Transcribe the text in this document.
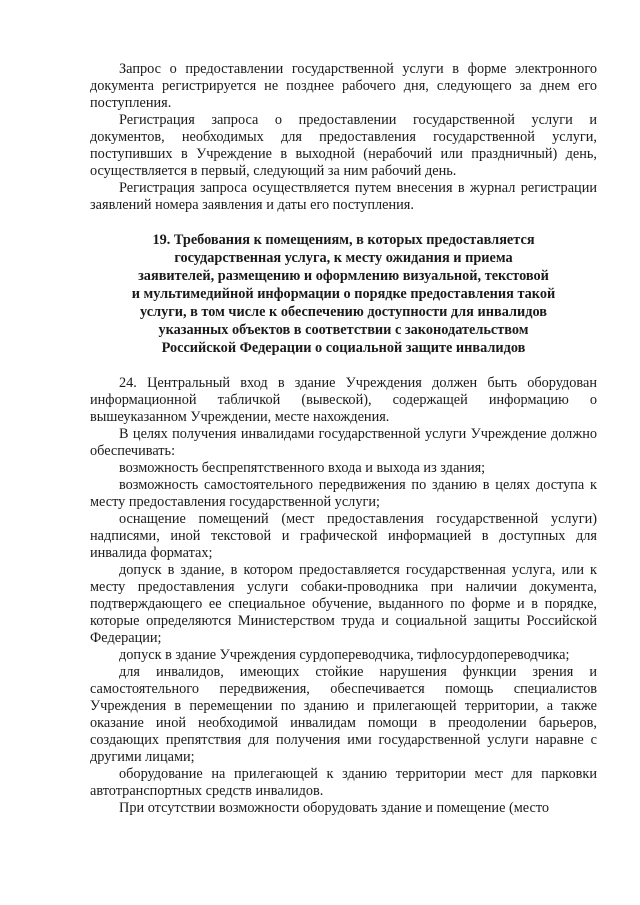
Запрос о предоставлении государственной услуги в форме электронного документа регистрируется не позднее рабочего дня, следующего за днем его поступления.

Регистрация запроса о предоставлении государственной услуги и документов, необходимых для предоставления государственной услуги, поступивших в Учреждение в выходной (нерабочий или праздничный) день, осуществляется в первый, следующий за ним рабочий день.

Регистрация запроса осуществляется путем внесения в журнал регистрации заявлений номера заявления и даты его поступления.

19. Требования к помещениям, в которых предоставляется
государственная услуга, к месту ожидания и приема
заявителей, размещению и оформлению визуальной, текстовой
и мультимедийной информации о порядке предоставления такой
услуги, в том числе к обеспечению доступности для инвалидов
указанных объектов в соответствии с законодательством
Российской Федерации о социальной защите инвалидов

24. Центральный вход в здание Учреждения должен быть оборудован информационной табличкой (вывеской), содержащей информацию о вышеуказанном Учреждении, месте нахождения.

В целях получения инвалидами государственной услуги Учреждение должно обеспечивать:

возможность беспрепятственного входа и выхода из здания;

возможность самостоятельного передвижения по зданию в целях доступа к месту предоставления государственной услуги;

оснащение помещений (мест предоставления государственной услуги) надписями, иной текстовой и графической информацией в доступных для инвалида форматах;

допуск в здание, в котором предоставляется государственная услуга, или к месту предоставления услуги собаки-проводника при наличии документа, подтверждающего ее специальное обучение, выданного по форме и в порядке, которые определяются Министерством труда и социальной защиты Российской Федерации;

допуск в здание Учреждения сурдопереводчика, тифлосурдопереводчика;

для инвалидов, имеющих стойкие нарушения функции зрения и самостоятельного передвижения, обеспечивается помощь специалистов Учреждения в перемещении по зданию и прилегающей территории, а также оказание иной необходимой инвалидам помощи в преодолении барьеров, создающих препятствия для получения ими государственной услуги наравне с другими лицами;

оборудование на прилегающей к зданию территории мест для парковки автотранспортных средств инвалидов.

При отсутствии возможности оборудовать здание и помещение (место
